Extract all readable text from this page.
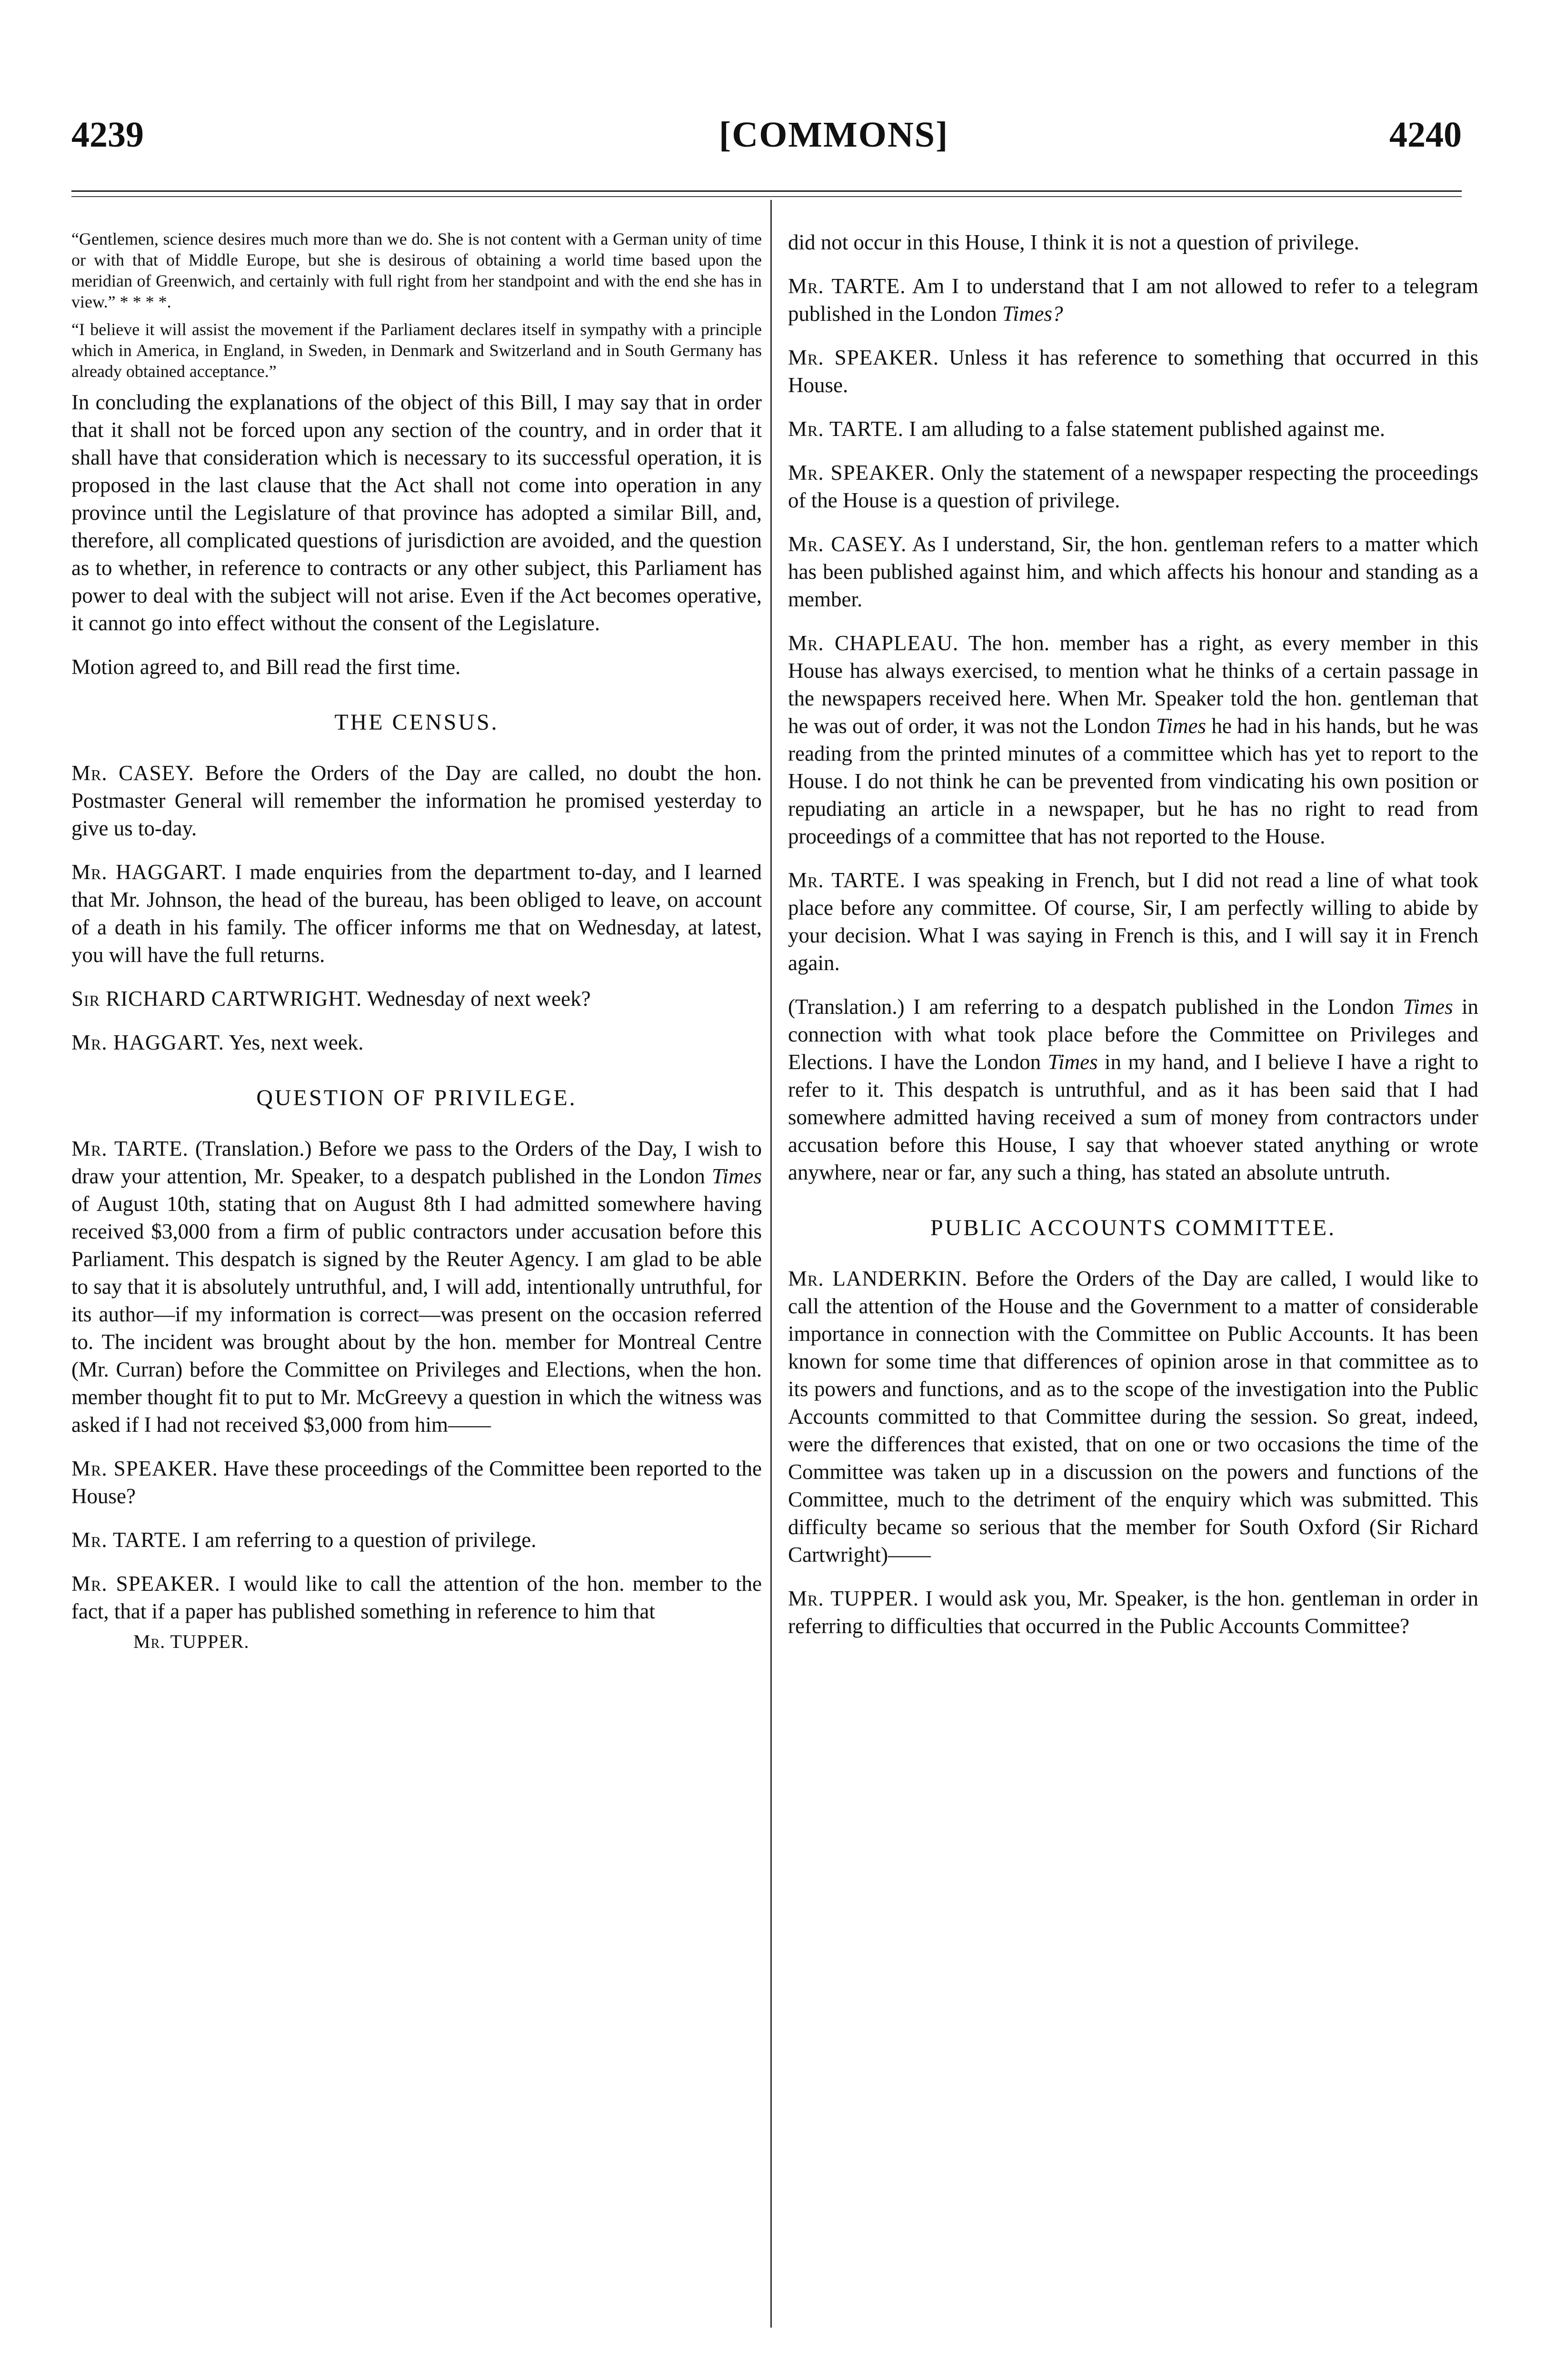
4239	[COMMONS]	4240

“Gentlemen, science desires much more than we do. She is not content with a German unity of time or with that of Middle Europe, but she is desirous of obtaining a world time based upon the meridian of Greenwich, and certainly with full right from her standpoint and with the end she has in view.” * * * *.

“I believe it will assist the movement if the Parliament declares itself in sympathy with a principle which in America, in England, in Sweden, in Denmark and Switzerland and in South Germany has already obtained acceptance.”

In concluding the explanations of the object of this Bill, I may say that in order that it shall not be forced upon any section of the country, and in order that it shall have that consideration which is necessary to its successful operation, it is proposed in the last clause that the Act shall not come into operation in any province until the Legislature of that province has adopted a similar Bill, and, therefore, all complicated questions of jurisdiction are avoided, and the question as to whether, in reference to contracts or any other subject, this Parliament has power to deal with the subject will not arise. Even if the Act becomes operative, it cannot go into effect without the consent of the Legislature.

Motion agreed to, and Bill read the first time.

THE CENSUS.

Mr. CASEY. Before the Orders of the Day are called, no doubt the hon. Postmaster General will remember the information he promised yesterday to give us to-day.

Mr. HAGGART. I made enquiries from the department to-day, and I learned that Mr. Johnson, the head of the bureau, has been obliged to leave, on account of a death in his family. The officer informs me that on Wednesday, at latest, you will have the full returns.

Sir RICHARD CARTWRIGHT. Wednesday of next week?

Mr. HAGGART. Yes, next week.

QUESTION OF PRIVILEGE.

Mr. TARTE. (Translation.) Before we pass to the Orders of the Day, I wish to draw your attention, Mr. Speaker, to a despatch published in the London Times of August 10th, stating that on August 8th I had admitted somewhere having received $3,000 from a firm of public contractors under accusation before this Parliament. This despatch is signed by the Reuter Agency. I am glad to be able to say that it is absolutely untruthful, and, I will add, intentionally untruthful, for its author—if my information is correct—was present on the occasion referred to. The incident was brought about by the hon. member for Montreal Centre (Mr. Curran) before the Committee on Privileges and Elections, when the hon. member thought fit to put to Mr. McGreevy a question in which the witness was asked if I had not received $3,000 from him——

Mr. SPEAKER. Have these proceedings of the Committee been reported to the House?

Mr. TARTE. I am referring to a question of privilege.

Mr. SPEAKER. I would like to call the attention of the hon. member to the fact, that if a paper has published something in reference to him that

Mr. TUPPER.

did not occur in this House, I think it is not a question of privilege.

Mr. TARTE. Am I to understand that I am not allowed to refer to a telegram published in the London Times?

Mr. SPEAKER. Unless it has reference to something that occurred in this House.

Mr. TARTE. I am alluding to a false statement published against me.

Mr. SPEAKER. Only the statement of a newspaper respecting the proceedings of the House is a question of privilege.

Mr. CASEY. As I understand, Sir, the hon. gentleman refers to a matter which has been published against him, and which affects his honour and standing as a member.

Mr. CHAPLEAU. The hon. member has a right, as every member in this House has always exercised, to mention what he thinks of a certain passage in the newspapers received here. When Mr. Speaker told the hon. gentleman that he was out of order, it was not the London Times he had in his hands, but he was reading from the printed minutes of a committee which has yet to report to the House. I do not think he can be prevented from vindicating his own position or repudiating an article in a newspaper, but he has no right to read from proceedings of a committee that has not reported to the House.

Mr. TARTE. I was speaking in French, but I did not read a line of what took place before any committee. Of course, Sir, I am perfectly willing to abide by your decision. What I was saying in French is this, and I will say it in French again.

(Translation.) I am referring to a despatch published in the London Times in connection with what took place before the Committee on Privileges and Elections. I have the London Times in my hand, and I believe I have a right to refer to it. This despatch is untruthful, and as it has been said that I had somewhere admitted having received a sum of money from contractors under accusation before this House, I say that whoever stated anything or wrote anywhere, near or far, any such a thing, has stated an absolute untruth.

PUBLIC ACCOUNTS COMMITTEE.

Mr. LANDERKIN. Before the Orders of the Day are called, I would like to call the attention of the House and the Government to a matter of considerable importance in connection with the Committee on Public Accounts. It has been known for some time that differences of opinion arose in that committee as to its powers and functions, and as to the scope of the investigation into the Public Accounts committed to that Committee during the session. So great, indeed, were the differences that existed, that on one or two occasions the time of the Committee was taken up in a discussion on the powers and functions of the Committee, much to the detriment of the enquiry which was submitted. This difficulty became so serious that the member for South Oxford (Sir Richard Cartwright)——

Mr. TUPPER. I would ask you, Mr. Speaker, is the hon. gentleman in order in referring to difficulties that occurred in the Public Accounts Committee?
